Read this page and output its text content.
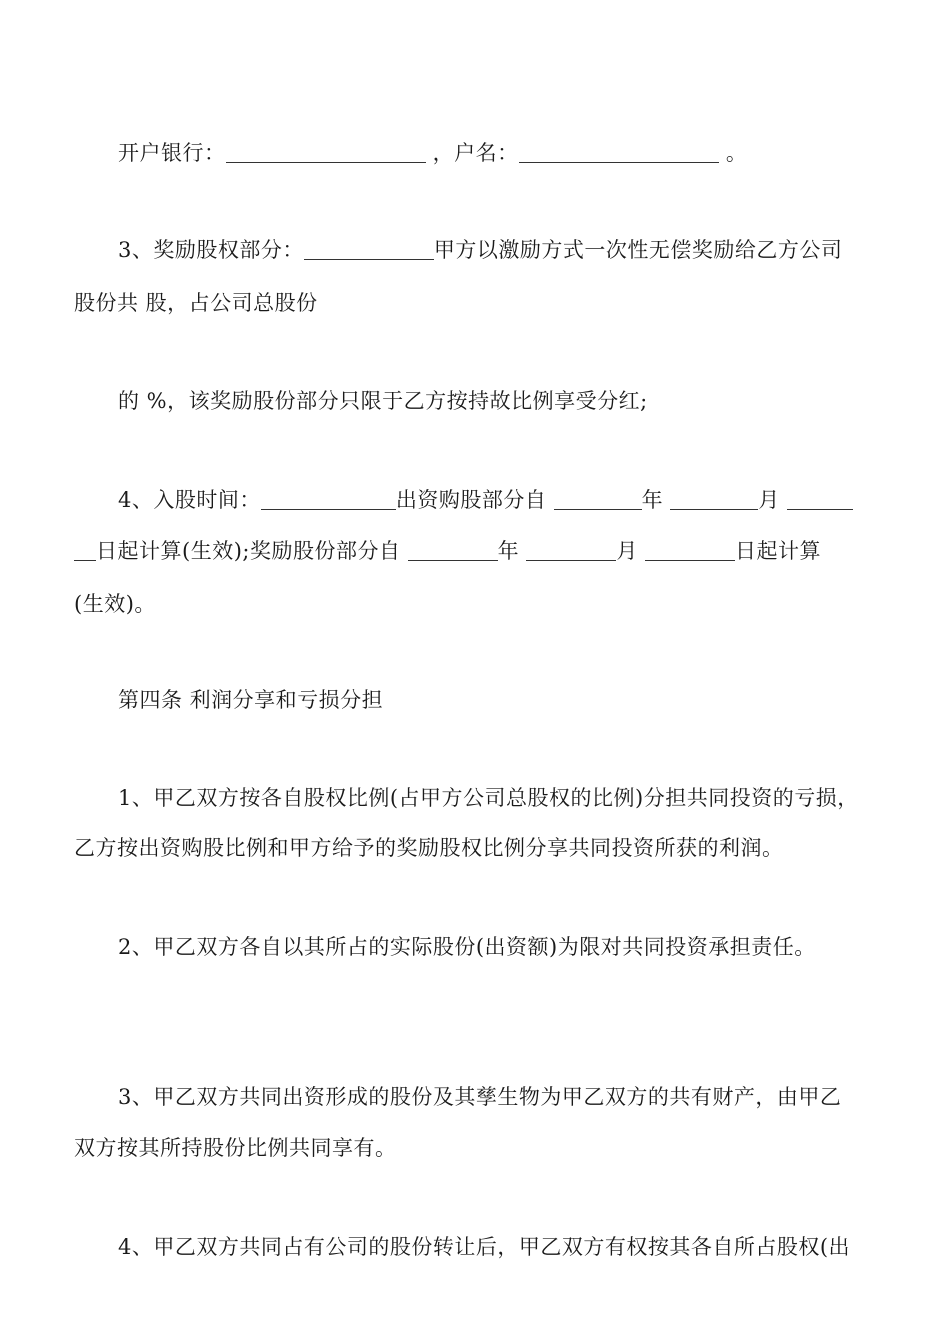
开户银行：	，户名：	。
3、奖励股权部分：	甲方以激励方式一次性无偿奖励给乙方公司
股份共 股，占公司总股份
的 %，该奖励股份部分只限于乙方按持故比例享受分红;
4、入股时间：	出资购股部分自	年	月
日起计算(生效);奖励股份部分自	年	月	日起计算
(生效)。
第四条 利润分享和亏损分担
1、甲乙双方按各自股权比例(占甲方公司总股权的比例)分担共同投资的亏损，
乙方按出资购股比例和甲方给予的奖励股权比例分享共同投资所获的利润。
2、甲乙双方各自以其所占的实际股份(出资额)为限对共同投资承担责任。
3、甲乙双方共同出资形成的股份及其孳生物为甲乙双方的共有财产，由甲乙
双方按其所持股份比例共同享有。
4、甲乙双方共同占有公司的股份转让后，甲乙双方有权按其各自所占股权(出
